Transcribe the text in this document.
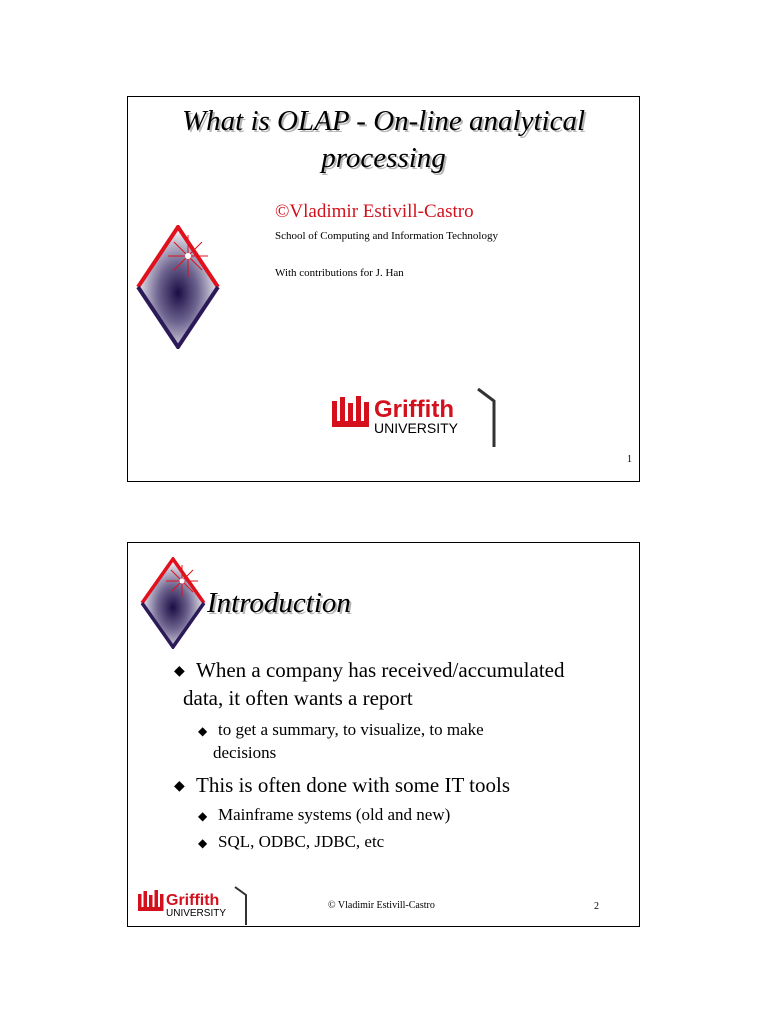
What is OLAP - On-line analytical
processing
©Vladimir Estivill-Castro
School of Computing and Information Technology
With contributions for J. Han
Griffith
UNIVERSITY
1
Introduction
◆ When a company has received/accumulated
data, it often wants a report
◆ to get a summary, to visualize, to make
decisions
◆ This is often done with some IT tools
◆ Mainframe systems (old and new)
◆ SQL, ODBC, JDBC, etc
Griffith
UNIVERSITY
© Vladimir Estivill-Castro	2
